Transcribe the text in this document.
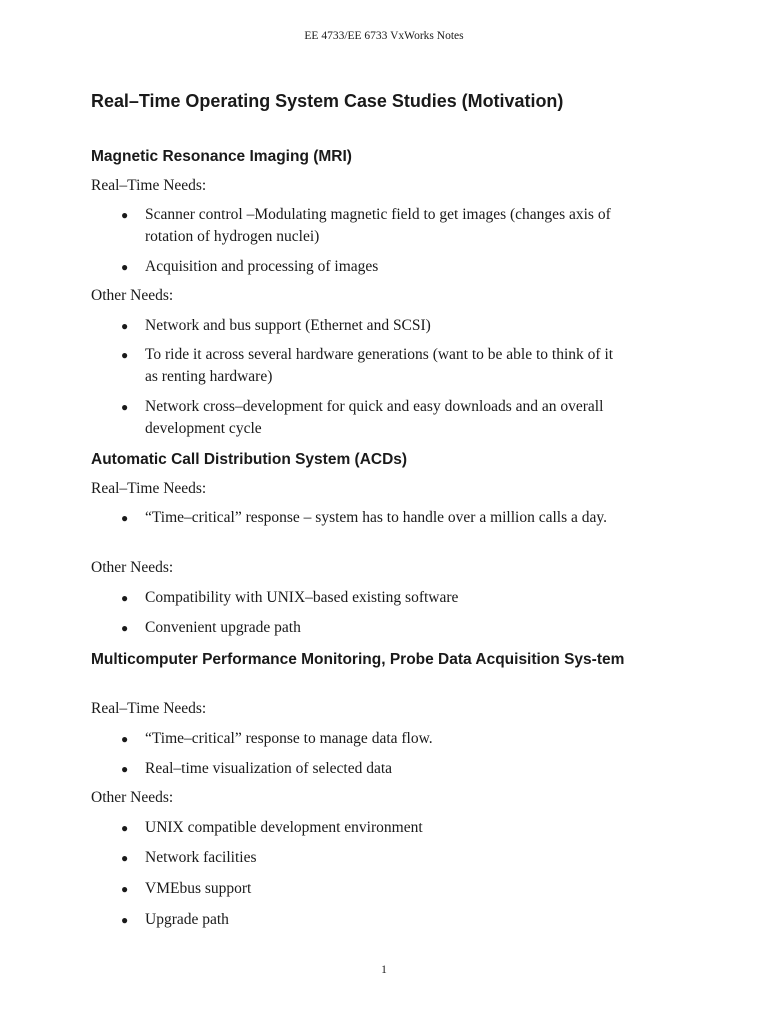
EE 4733/EE 6733 VxWorks Notes
Real–Time Operating System Case Studies (Motivation)
Magnetic Resonance Imaging (MRI)
Real–Time Needs:
● Scanner control –Modulating magnetic field to get images (changes axis of rotation of hydrogen nuclei)
● Acquisition and processing of images
Other Needs:
● Network and bus support (Ethernet and SCSI)
● To ride it across several hardware generations (want to be able to think of it as renting hardware)
● Network cross–development for quick and easy downloads and an overall development cycle
Automatic Call Distribution System (ACDs)
Real–Time Needs:
● “Time–critical” response – system has to handle over a million calls a day.
Other Needs:
● Compatibility with UNIX–based existing software
● Convenient upgrade path
Multicomputer Performance Monitoring, Probe Data Acquisition Sys-tem
Real–Time Needs:
● “Time–critical” response to manage data flow.
● Real–time visualization of selected data
Other Needs:
● UNIX compatible development environment
● Network facilities
● VMEbus support
● Upgrade path
1
